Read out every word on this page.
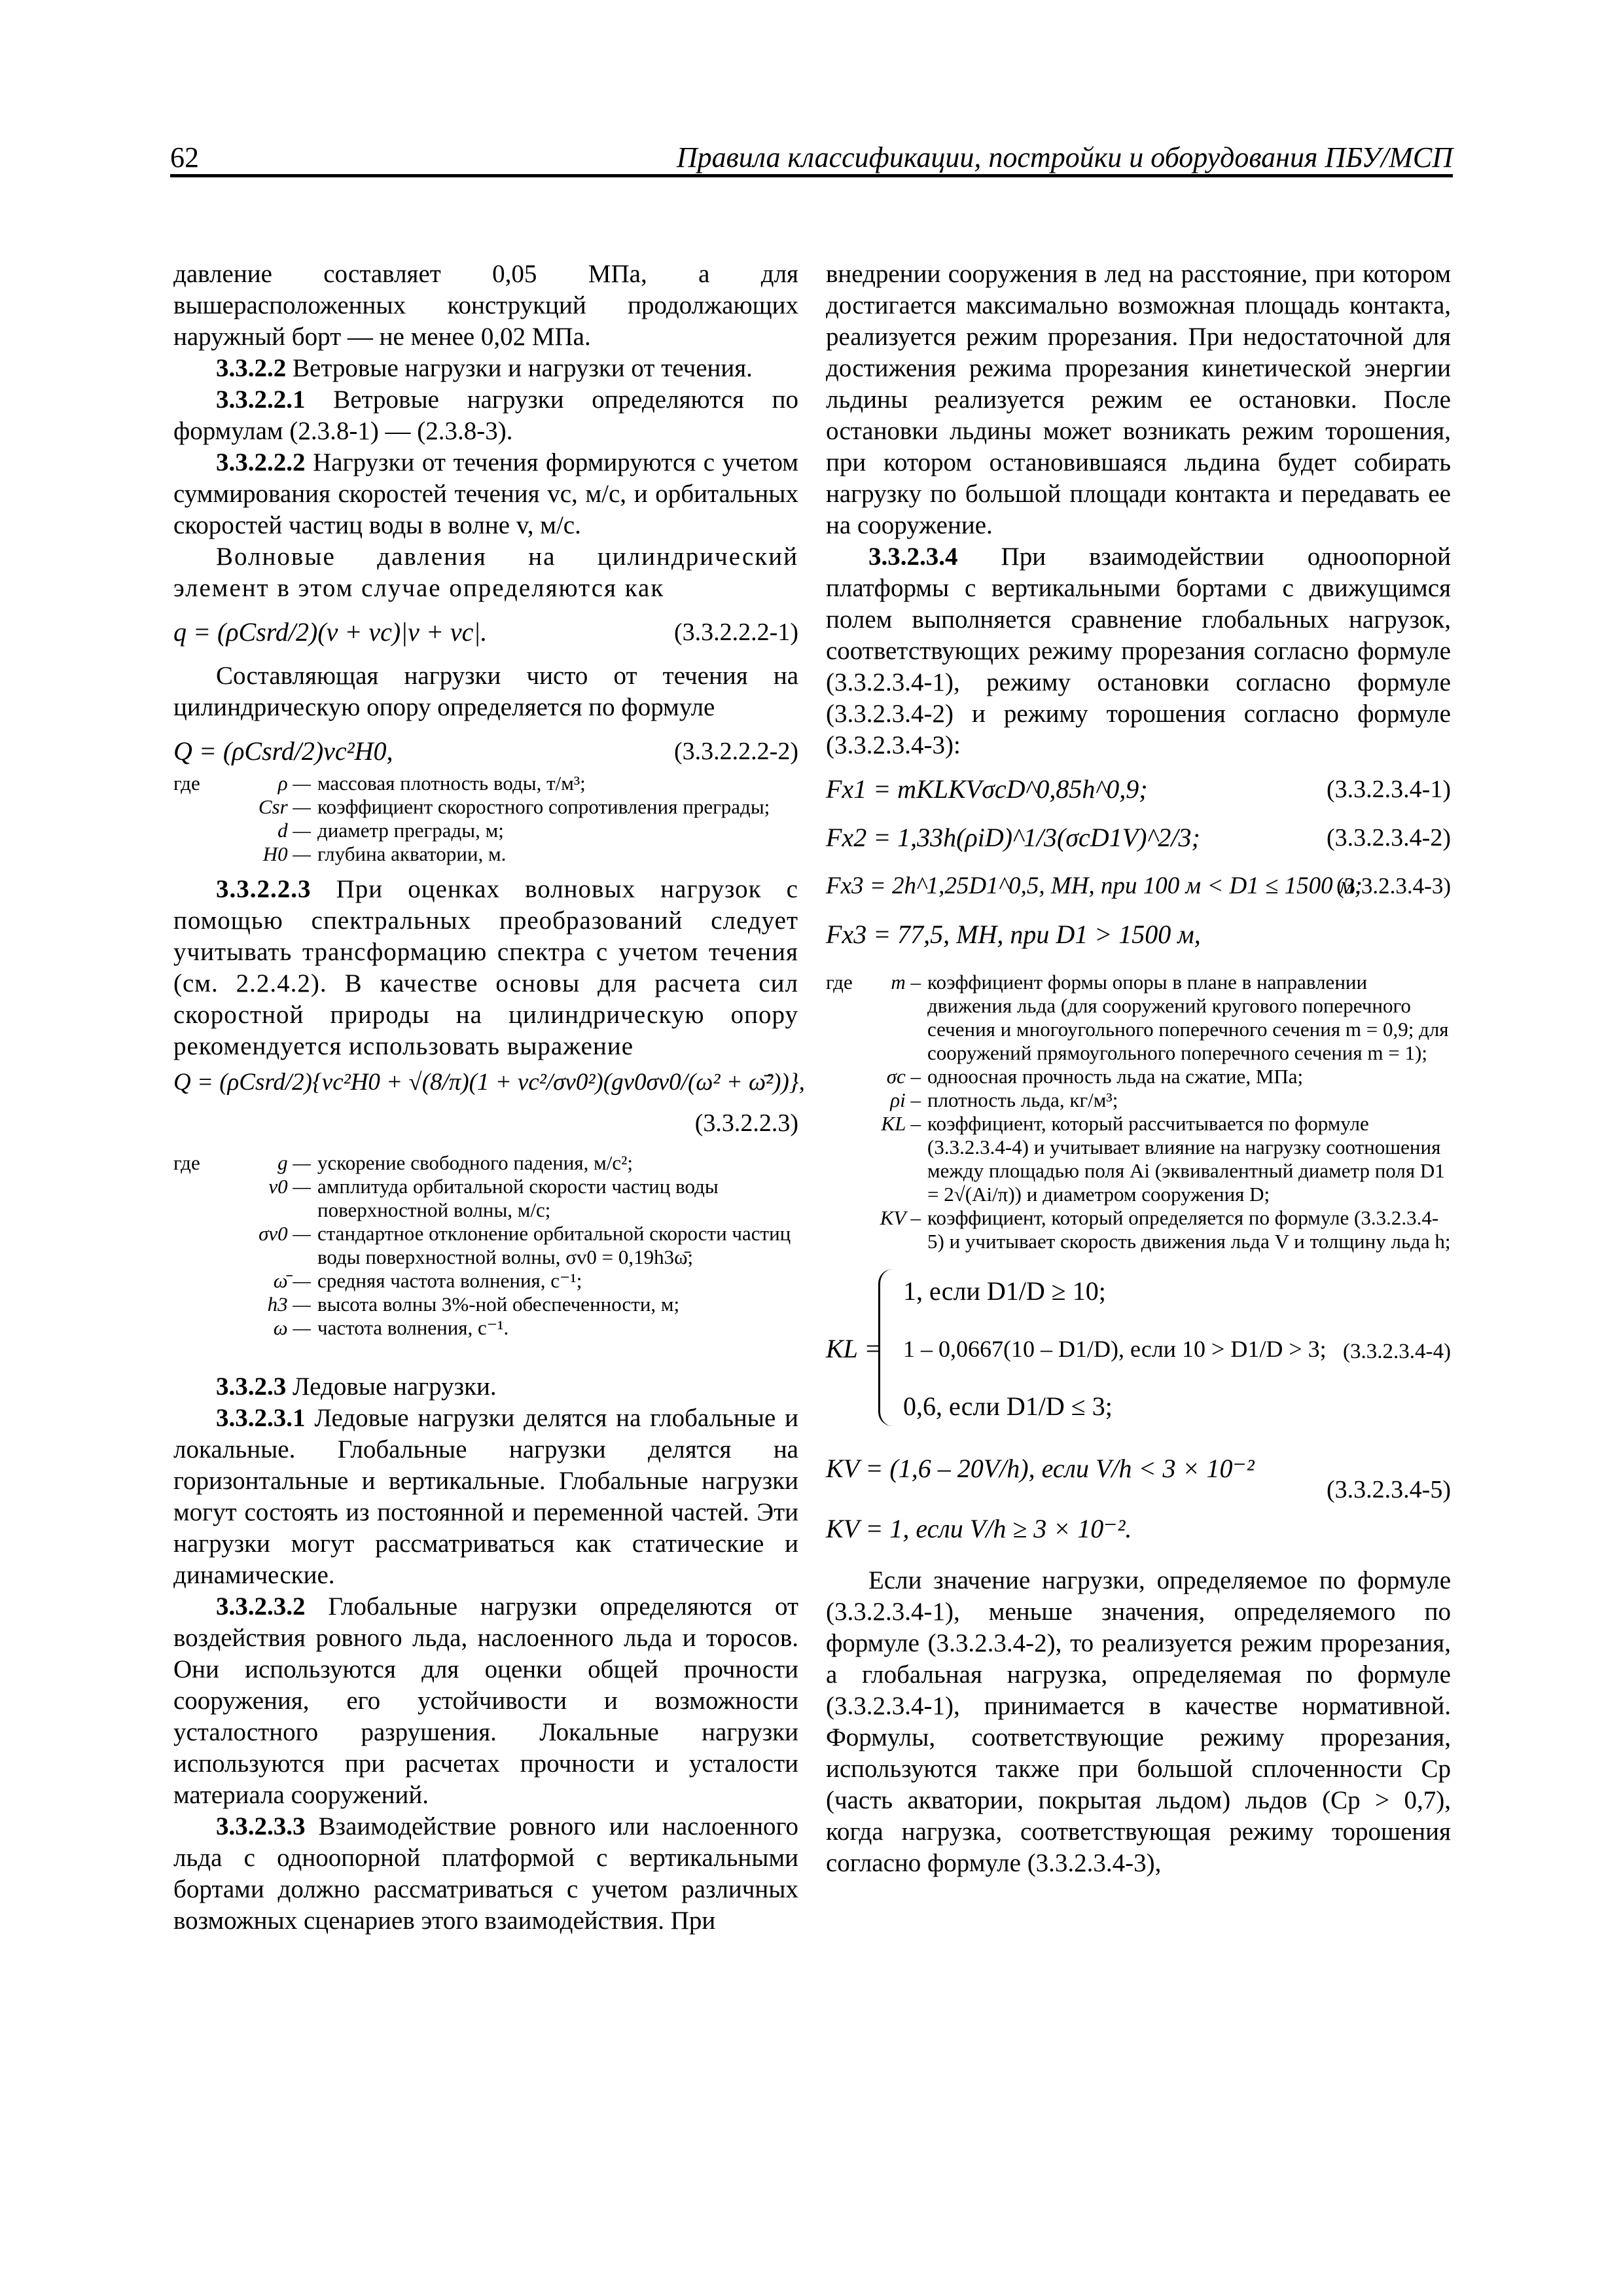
62	Правила классификации, постройки и оборудования ПБУ/МСП

давление составляет 0,05 МПа, а для вышерасположенных конструкций продолжающих наружный борт — не менее 0,02 МПа.

3.3.2.2 Ветровые нагрузки и нагрузки от течения.

3.3.2.2.1 Ветровые нагрузки определяются по формулам (2.3.8-1) — (2.3.8-3).

3.3.2.2.2 Нагрузки от течения формируются с учетом суммирования скоростей течения vc, м/с, и орбитальных скоростей частиц воды в волне v, м/с.

Волновые давления на цилиндрический элемент в этом случае определяются как

q = (ρCsrd/2)(v + vc)|v + vc|.	(3.3.2.2.2-1)

Составляющая нагрузки чисто от течения на цилиндрическую опору определяется по формуле

Q = (ρCsrd/2)vc²H0,	(3.3.2.2.2-2)
где	ρ — массовая плотность воды, т/м³;
Csr — коэффициент скоростного сопротивления преграды;
d — диаметр преграды, м;
H0 — глубина акватории, м.

3.3.2.2.3 При оценках волновых нагрузок с помощью спектральных преобразований следует учитывать трансформацию спектра с учетом течения (см. 2.2.4.2). В качестве основы для расчета сил скоростной природы на цилиндрическую опору рекомендуется использовать выражение

Q = (ρCsrd/2){vc²H0 + √(8/π)(1 + vc²/σv0²)(gv0σv0/(ω² + ω̄²))},
(3.3.2.2.3)
где	g — ускорение свободного падения, м/с²;
v0 — амплитуда орбитальной скорости частиц воды поверхностной волны, м/с;
σv0 — стандартное отклонение орбитальной скорости частиц воды поверхностной волны, σv0 = 0,19h3ω̄;
ω̄ — средняя частота волнения, с⁻¹;
h3 — высота волны 3%-ной обеспеченности, м;
ω — частота волнения, с⁻¹.

3.3.2.3 Ледовые нагрузки.

3.3.2.3.1 Ледовые нагрузки делятся на глобальные и локальные. Глобальные нагрузки делятся на горизонтальные и вертикальные. Глобальные нагрузки могут состоять из постоянной и переменной частей. Эти нагрузки могут рассматриваться как статические и динамические.

3.3.2.3.2 Глобальные нагрузки определяются от воздействия ровного льда, наслоенного льда и торосов. Они используются для оценки общей прочности сооружения, его устойчивости и возможности усталостного разрушения. Локальные нагрузки используются при расчетах прочности и усталости материала сооружений.

3.3.2.3.3 Взаимодействие ровного или наслоенного льда с одноопорной платформой с вертикальными бортами должно рассматриваться с учетом различных возможных сценариев этого взаимодействия. При

внедрении сооружения в лед на расстояние, при котором достигается максимально возможная площадь контакта, реализуется режим прорезания. При недостаточной для достижения режима прорезания кинетической энергии льдины реализуется режим ее остановки. После остановки льдины может возникать режим торошения, при котором остановившаяся льдина будет собирать нагрузку по большой площади контакта и передавать ее на сооружение.

3.3.2.3.4 При взаимодействии одноопорной платформы с вертикальными бортами с движущимся полем выполняется сравнение глобальных нагрузок, соответствующих режиму прорезания согласно формуле (3.3.2.3.4-1), режиму остановки согласно формуле (3.3.2.3.4-2) и режиму торошения согласно формуле (3.3.2.3.4-3):

Fx1 = mKLKVσcD^0,85h^0,9;	(3.3.2.3.4-1)
Fx2 = 1,33h(ρiD)^1/3(σcD1V)^2/3;	(3.3.2.3.4-2)
Fx3 = 2h^1,25D1^0,5, МН, при 100 м < D1 ≤ 1500 м;
(3.3.2.3.4-3)
Fx3 = 77,5, МН, при D1 > 1500 м,
где	m – коэффициент формы опоры в плане в направлении движения льда (для сооружений кругового поперечного сечения и многоугольного поперечного сечения m = 0,9; для сооружений прямоугольного поперечного сечения m = 1);
σc – одноосная прочность льда на сжатие, МПа;
ρi – плотность льда, кг/м³;
KL – коэффициент, который рассчитывается по формуле (3.3.2.3.4-4) и учитывает влияние на нагрузку соотношения между площадью поля Ai (эквивалентный диаметр поля D1 = 2√(Ai/π)) и диаметром сооружения D;
KV – коэффициент, который определяется по формуле (3.3.2.3.4-5) и учитывает скорость движения льда V и толщину льда h;
KL =
1, если D1/D ≥ 10;
1 – 0,0667(10 – D1/D), если 10 > D1/D > 3;
0,6, если D1/D ≤ 3;
(3.3.2.3.4-4)
KV = (1,6 – 20V/h), если V/h < 3 × 10⁻²
(3.3.2.3.4-5)
KV = 1, если V/h ≥ 3 × 10⁻².

Если значение нагрузки, определяемое по формуле (3.3.2.3.4-1), меньше значения, определяемого по формуле (3.3.2.3.4-2), то реализуется режим прорезания, а глобальная нагрузка, определяемая по формуле (3.3.2.3.4-1), принимается в качестве нормативной. Формулы, соответствующие режиму прорезания, используются также при большой сплоченности Cp (часть акватории, покрытая льдом) льдов (Cp > 0,7), когда нагрузка, соответствующая режиму торошения согласно формуле (3.3.2.3.4-3),
